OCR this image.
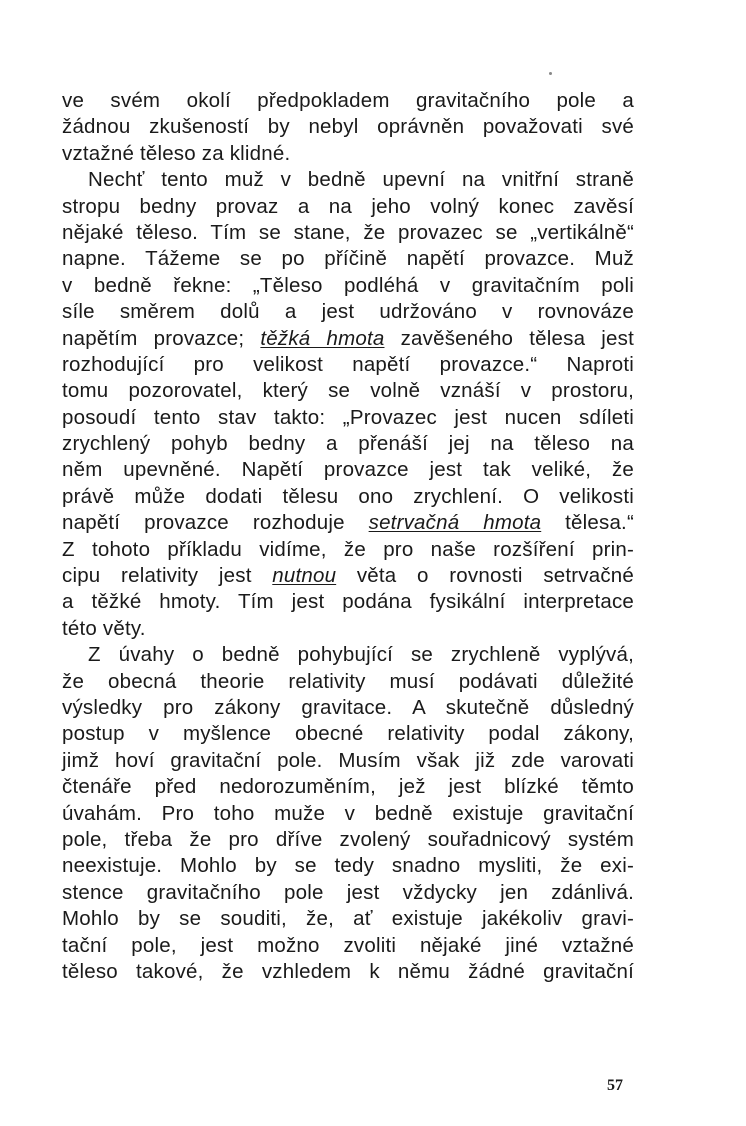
ve svém okolí předpokladem gravitačního pole a
žádnou zkušeností by nebyl oprávněn považovati své
vztažné těleso za klidné.
Nechť tento muž v bedně upevní na vnitřní straně
stropu bedny provaz a na jeho volný konec zavěsí
nějaké těleso. Tím se stane, že provazec se „vertikálně“
napne. Tážeme se po příčině napětí provazce. Muž
v bedně řekne: „Těleso podléhá v gravitačním poli
síle směrem dolů a jest udržováno v rovnováze
napětím provazce; těžká hmota zavěšeného tělesa jest
rozhodující pro velikost napětí provazce.“ Naproti
tomu pozorovatel, který se volně vznáší v prostoru,
posoudí tento stav takto: „Provazec jest nucen sdíleti
zrychlený pohyb bedny a přenáší jej na těleso na
něm upevněné. Napětí provazce jest tak veliké, že
právě může dodati tělesu ono zrychlení. O velikosti
napětí provazce rozhoduje setrvačná hmota tělesa.“
Z tohoto příkladu vidíme, že pro naše rozšíření prin-
cipu relativity jest nutnou věta o rovnosti setrvačné
a těžké hmoty. Tím jest podána fysikální interpretace
této věty.
Z úvahy o bedně pohybující se zrychleně vyplývá,
že obecná theorie relativity musí podávati důležité
výsledky pro zákony gravitace. A skutečně důsledný
postup v myšlence obecné relativity podal zákony,
jimž hoví gravitační pole. Musím však již zde varovati
čtenáře před nedorozuměním, jež jest blízké těmto
úvahám. Pro toho muže v bedně existuje gravitační
pole, třeba že pro dříve zvolený souřadnicový systém
neexistuje. Mohlo by se tedy snadno mysliti, že exi-
stence gravitačního pole jest vždycky jen zdánlivá.
Mohlo by se souditi, že, ať existuje jakékoliv gravi-
tační pole, jest možno zvoliti nějaké jiné vztažné
těleso takové, že vzhledem k němu žádné gravitační
57
